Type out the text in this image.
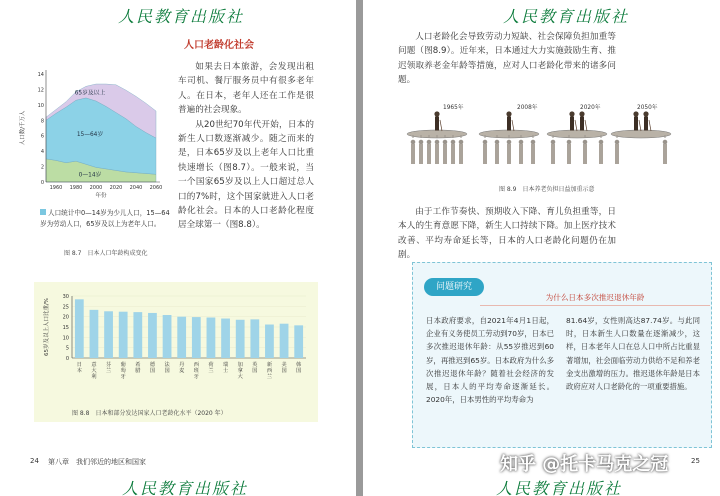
人民教育出版社
人口老龄化社会

如果去日本旅游，会发现出租车司机、餐厅服务员中有很多老年人。在日本，老年人还在工作是很普遍的社会现象。

从20世纪70年代开始，日本的新生人口数逐渐减少。随之而来的是，日本65岁及以上老年人口比重快速增长（图8.7）。一般来说，当一个国家65岁及以上人口超过总人口的7%时，这个国家就进入人口老龄化社会。日本的人口老龄化程度居全球第一（图8.8）。

0—14岁
15—64岁
65岁及以上
0
2
4
6
8
10
12
14
1960 1980 2000 2020 2040 2060
年份
人口数/千万人
人口统计中0—14岁为少儿人口，15—64岁为劳动人口，65岁及以上为老年人口。
图 8.7　日本人口年龄构成变化
0
5
10
15
20
25
30
日本
意大利
芬兰
葡萄牙
希腊
德国
法国
丹麦
西班牙
荷兰
瑞士
加拿大
英国
新西兰
美国
韩国
65岁及以上人口比重/%
图 8.8　日本和部分发达国家人口老龄化水平（2020 年）
24 第八章　我们邻近的地区和国家
人民教育出版社
人民教育出版社

人口老龄化会导致劳动力短缺、社会保障负担加重等问题（图8.9）。近年来，日本通过大力实施鼓励生育、推迟领取养老金年龄等措施，应对人口老龄化带来的诸多问题。

1965年	2008年	2020年	2050年
图 8.9　日本养老负担日益加重示意

由于工作节奏快、预期收入下降、育儿负担重等，日本人的生育意愿下降，新生人口持续下降。加上医疗技术改善、平均寿命延长等，日本的人口老龄化问题仍在加剧。

问题研究
为什么日本多次推迟退休年龄
日本政府要求，自2021年4月1日起，企业有义务使员工劳动到70岁，日本已多次推迟退休年龄：从55岁推迟到60岁，再推迟到65岁。日本政府为什么多次推迟退休年龄？随着社会经济的发展，日本人的平均寿命逐渐延长。2020年，日本男性的平均寿命为
81.64岁，女性则高达87.74岁。与此同时，日本新生人口数量在逐渐减少，这样，日本老年人口在总人口中所占比重显著增加，社会面临劳动力供给不足和养老金支出激增的压力。推迟退休年龄是日本政府应对人口老龄化的一项重要措施。
25
人民教育出版社
知乎 @托卡马克之冠
